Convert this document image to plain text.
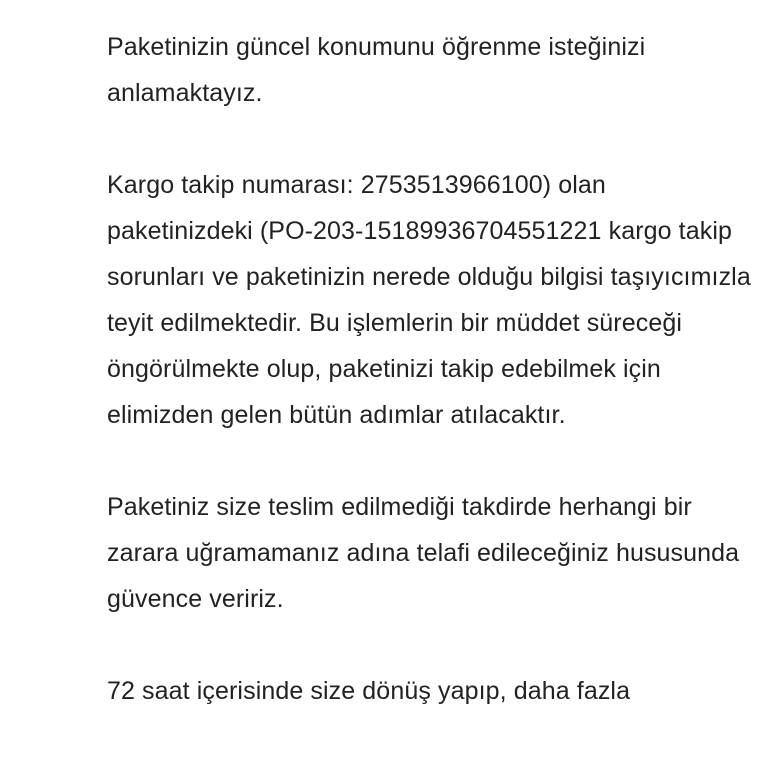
Paketinizin güncel konumunu öğrenme isteğinizi anlamaktayız.

Kargo takip numarası: 2753513966100) olan paketinizdeki (PO-203-15189936704551221 kargo takip sorunları ve paketinizin nerede olduğu bilgisi taşıyıcımızla teyit edilmektedir. Bu işlemlerin bir müddet süreceği öngörülmekte olup, paketinizi takip edebilmek için elimizden gelen bütün adımlar atılacaktır.

Paketiniz size teslim edilmediği takdirde herhangi bir zarara uğramamanız adına telafi edileceğiniz hususunda güvence veririz.

72 saat içerisinde size dönüş yapıp, daha fazla
